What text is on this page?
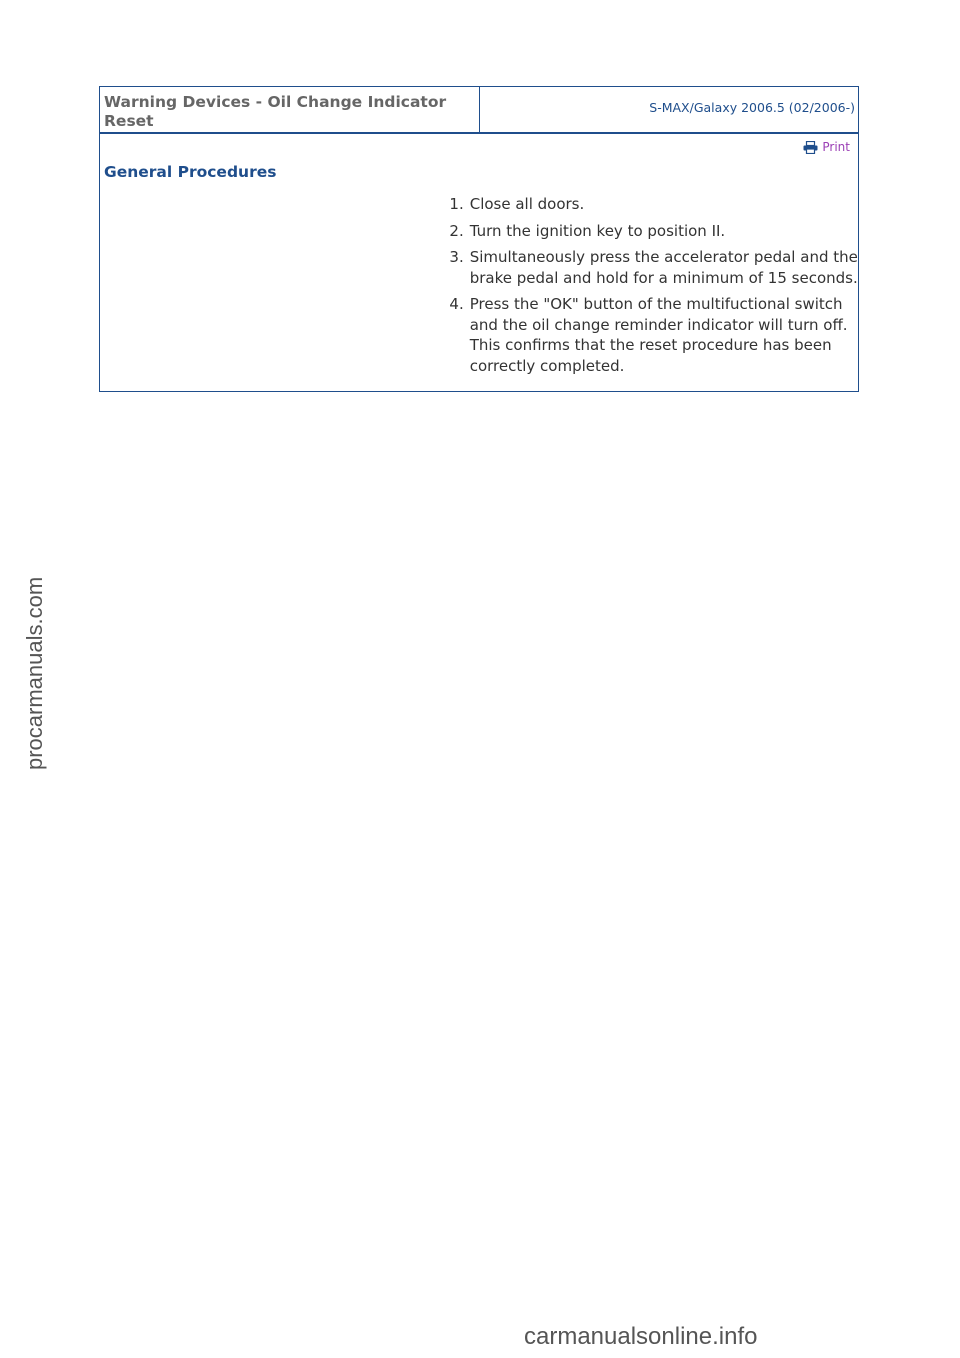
Warning Devices - Oil Change Indicator Reset
S-MAX/Galaxy 2006.5 (02/2006-)
Print
General Procedures
1. Close all doors.
2. Turn the ignition key to position II.
3. Simultaneously press the accelerator pedal and the brake pedal and hold for a minimum of 15 seconds.
4. Press the "OK" button of the multifuctional switch and the oil change reminder indicator will turn off. This confirms that the reset procedure has been correctly completed.
procarmanuals.com
carmanualsonline.info
